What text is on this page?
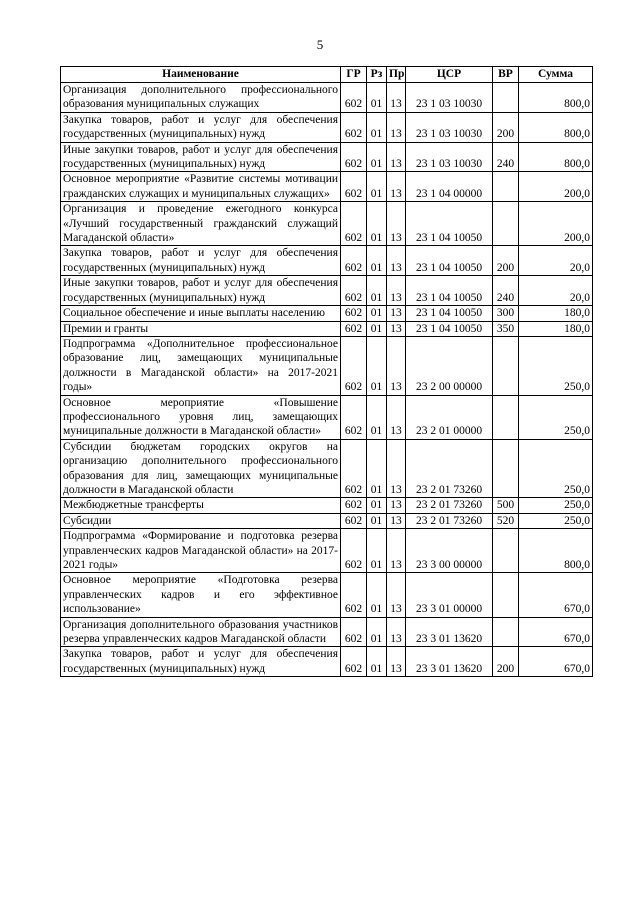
5
Наименование	ГР	Рз	Пр	ЦСР	ВР	Сумма
Организация дополнительного профессионального образования муниципальных служащих	602	01	13	23 1 03 10030		800,0
Закупка товаров, работ и услуг для обеспечения государственных (муниципальных) нужд	602	01	13	23 1 03 10030	200	800,0
Иные закупки товаров, работ и услуг для обеспечения государственных (муниципальных) нужд	602	01	13	23 1 03 10030	240	800,0
Основное мероприятие «Развитие системы мотивации гражданских служащих и муниципальных служащих»	602	01	13	23 1 04 00000		200,0
Организация и проведение ежегодного конкурса «Лучший государственный гражданский служащий Магаданской области»	602	01	13	23 1 04 10050		200,0
Закупка товаров, работ и услуг для обеспечения государственных (муниципальных) нужд	602	01	13	23 1 04 10050	200	20,0
Иные закупки товаров, работ и услуг для обеспечения государственных (муниципальных) нужд	602	01	13	23 1 04 10050	240	20,0
Социальное обеспечение и иные выплаты населению	602	01	13	23 1 04 10050	300	180,0
Премии и гранты	602	01	13	23 1 04 10050	350	180,0
Подпрограмма «Дополнительное профессиональное образование лиц, замещающих муниципальные должности в Магаданской области» на 2017-2021 годы»	602	01	13	23 2 00 00000		250,0
Основное мероприятие «Повышение профессионального уровня лиц, замещающих муниципальные должности в Магаданской области»	602	01	13	23 2 01 00000		250,0
Субсидии бюджетам городских округов на организацию дополнительного профессионального образования для лиц, замещающих муниципальные должности в Магаданской области	602	01	13	23 2 01 73260		250,0
Межбюджетные трансферты	602	01	13	23 2 01 73260	500	250,0
Субсидии	602	01	13	23 2 01 73260	520	250,0
Подпрограмма «Формирование и подготовка резерва управленческих кадров Магаданской области» на 2017-2021 годы»	602	01	13	23 3 00 00000		800,0
Основное мероприятие «Подготовка резерва управленческих кадров и его эффективное использование»	602	01	13	23 3 01 00000		670,0
Организация дополнительного образования участников резерва управленческих кадров Магаданской области	602	01	13	23 3 01 13620		670,0
Закупка товаров, работ и услуг для обеспечения государственных (муниципальных) нужд	602	01	13	23 3 01 13620	200	670,0
